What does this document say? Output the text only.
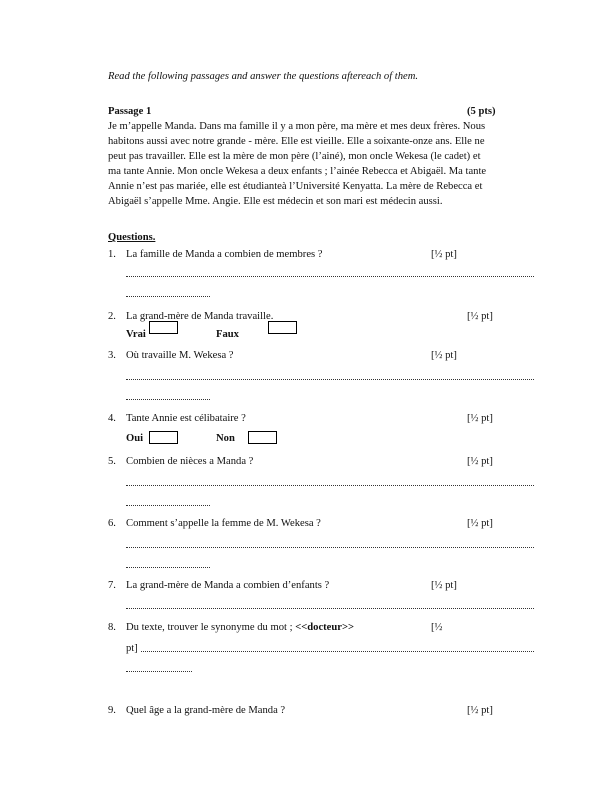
Read the following passages and answer the questions aftereach of them.
Passage 1	(5 pts)
Je m’appelle Manda. Dans ma famille il y a mon père, ma mère et mes deux frères. Nous
habitons aussi avec notre grande - mère. Elle est vieille. Elle a soixante-onze ans. Elle ne
peut pas travailler. Elle est la mère de mon père (l’ainé), mon oncle Wekesa (le cadet) et
ma tante Annie. Mon oncle Wekesa a deux enfants ; l’ainée Rebecca et Abigaël. Ma tante
Annie n’est pas mariée, elle est étudianteà l’Université Kenyatta. La mère de Rebecca et
Abigaël s’appelle Mme. Angie. Elle est médecin et son mari est médecin aussi.
Questions.
1. La famille de Manda a combien de membres ?	[½ pt]
2. La grand-mère de Manda travaille.	[½ pt]
Vrai	Faux
3. Où travaille M. Wekesa ?	[½ pt]
4. Tante Annie est célibataire ?	[½ pt]
Oui	Non
5. Combien de nièces a Manda ?	[½ pt]
6. Comment s’appelle la femme de M. Wekesa ?	[½ pt]
7. La grand-mère de Manda a combien d’enfants ?	[½ pt]
8. Du texte, trouver le synonyme du mot ; <<docteur>>	[½
pt]
9. Quel âge a la grand-mère de Manda ?	[½ pt]
